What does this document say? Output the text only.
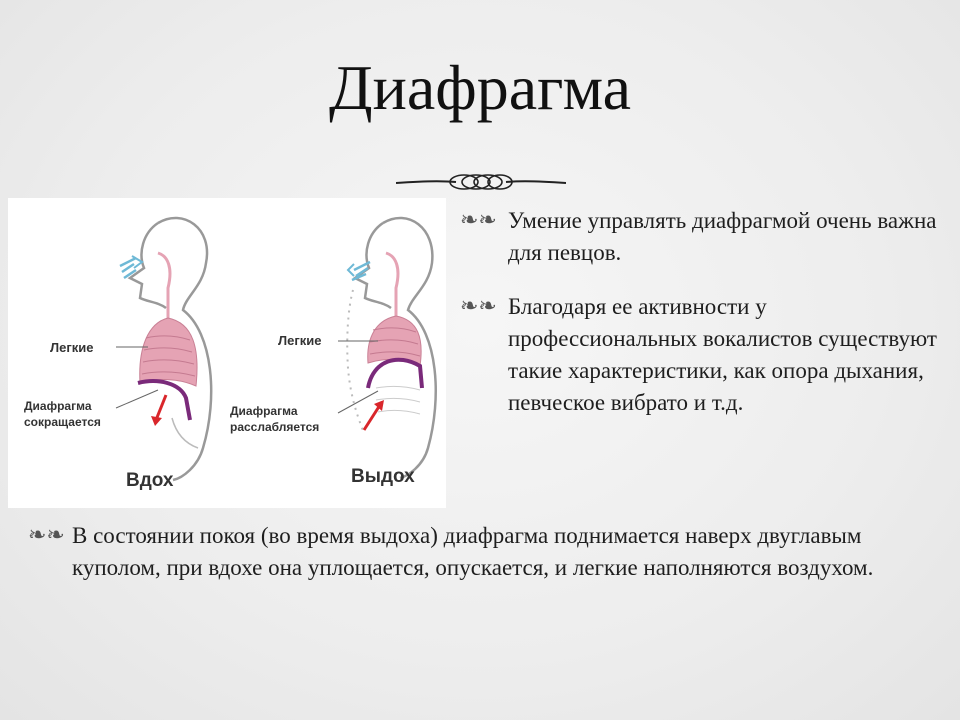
Диафрагма
Легкие
Диафрагма
сокращается
Вдох
Легкие
Диафрагма
расслабляется
Выдох
❧❧ Умение управлять диафрагмой очень важна для певцов.
❧❧ Благодаря ее активности у профессиональных вокалистов существуют такие характеристики, как опора дыхания, певческое вибрато и т.д.
❧❧ В состоянии покоя (во время выдоха) диафрагма поднимается наверх двуглавым куполом, при вдохе она уплощается, опускается, и легкие наполняются воздухом.
